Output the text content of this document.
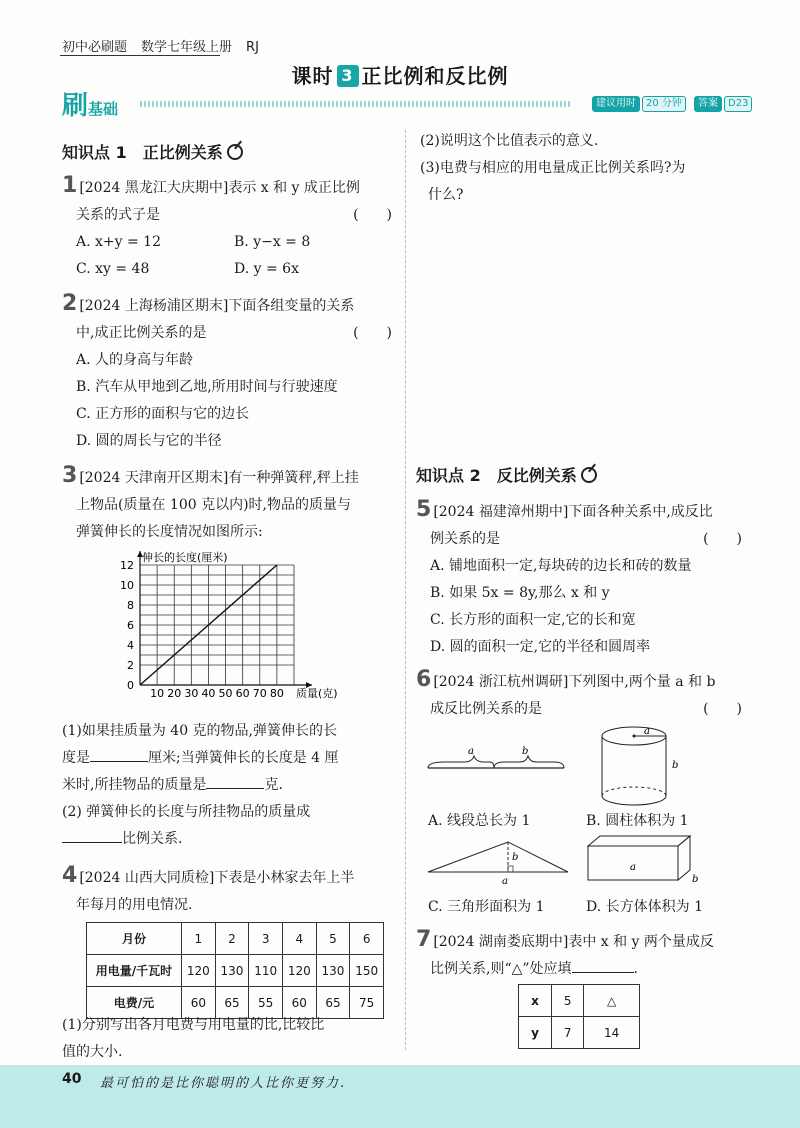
初中必刷题 数学七年级上册 RJ
课时 3 正比例和反比例
刷基础	建议用时	20 分钟	答案	D23
知识点 1　正比例关系
1 [2024 黑龙江大庆期中]表示 x 和 y 成正比例
关系的式子是	(　　)
A. x+y = 12	B. y−x = 8
C. xy = 48	D. y = 6x
2 [2024 上海杨浦区期末]下面各组变量的关系
中,成正比例关系的是	(　　)
A. 人的身高与年龄
B. 汽车从甲地到乙地,所用时间与行驶速度
C. 正方形的面积与它的边长
D. 圆的周长与它的半径
3 [2024 天津南开区期末]有一种弹簧秤,秤上挂
上物品(质量在 100 克以内)时,物品的质量与
弹簧伸长的长度情况如图所示:
10 20 30 40 50 60 70 80
0
2
4
6
8
10
12
伸长的长度(厘米)
质量(克)
(1)如果挂质量为 40 克的物品,弹簧伸长的长
度是	厘米;当弹簧伸长的长度是 4 厘
米时,所挂物品的质量是	克.
(2) 弹簧伸长的长度与所挂物品的质量成
比例关系.
4 [2024 山西大同质检]下表是小林家去年上半
年每月的用电情况.
月份	1	2	3	4	5	6
用电量/千瓦时	120	130	110	120	130	150
电费/元	60	65	55	60	65	75
(1)分别写出各月电费与用电量的比,比较比
值的大小.
(2)说明这个比值表示的意义.
(3)电费与相应的用电量成正比例关系吗?为
什么?
知识点 2　反比例关系
5 [2024 福建漳州期中]下面各种关系中,成反比
例关系的是	(　　)
A. 铺地面积一定,每块砖的边长和砖的数量
B. 如果 5x = 8y,那么 x 和 y
C. 长方形的面积一定,它的长和宽
D. 圆的面积一定,它的半径和圆周率
6 [2024 浙江杭州调研]下列图中,两个量 a 和 b
成反比例关系的是	(　　)
a	b
a
b
A. 线段总长为 1	B. 圆柱体积为 1
b
a
a
b
C. 三角形面积为 1	D. 长方体体积为 1
7 [2024 湖南娄底期中]表中 x 和 y 两个量成反
比例关系,则“△”处应填	.
x	5	△
y	7	14
40 最可怕的是比你聪明的人比你更努力.
